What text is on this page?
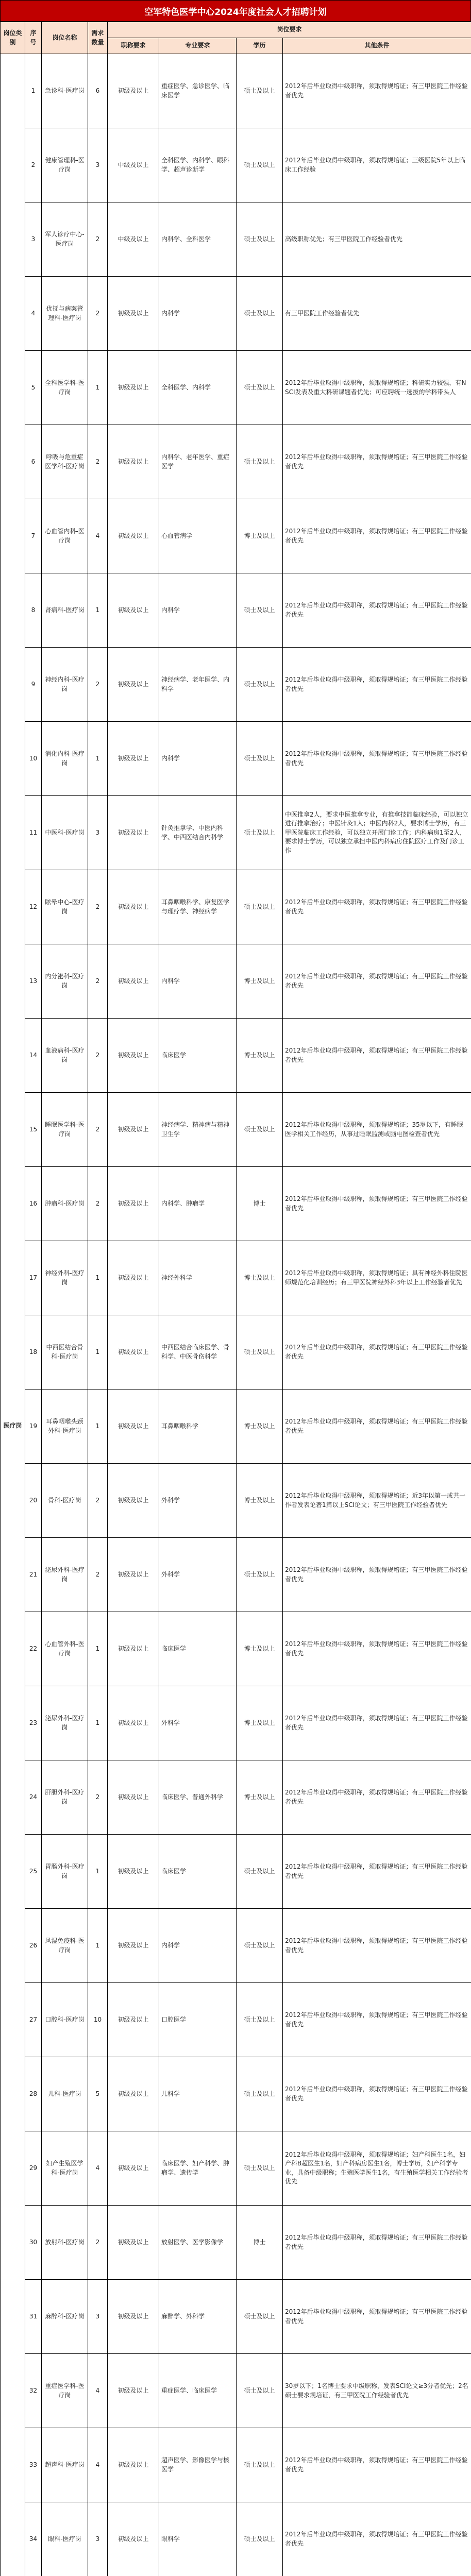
空军特色医学中心2024年度社会人才招聘计划
岗位类别	序号	岗位名称	需求数量	岗位要求			
				职称要求	专业要求	学历	其他条件
医疗岗	1	急诊科-医疗岗	6	初级及以上	重症医学、急诊医学、临床医学	硕士及以上	2012年后毕业取得中级职称，须取得规培证；有三甲医院工作经验者优先
	2	健康管理科-医疗岗	3	中级及以上	全科医学、内科学、眼科学、超声诊断学	硕士及以上	2012年后毕业取得中级职称，须取得规培证；三级医院5年以上临床工作经验
	3	军人诊疗中心-医疗岗	2	中级及以上	内科学、全科医学	硕士及以上	高级职称优先；有三甲医院工作经验者优先
	4	优抚与病案管理科-医疗岗	2	初级及以上	内科学	硕士及以上	有三甲医院工作经验者优先
	5	全科医学科-医疗岗	1	初级及以上	全科医学、内科学	硕士及以上	2012年后毕业取得中级职称，须取得规培证；科研实力较强，有NSCI发表及重大科研课题者优先；可应聘统一选拔的学科带头人
	6	呼吸与危重症医学科-医疗岗	2	初级及以上	内科学、老年医学、重症医学	硕士及以上	2012年后毕业取得中级职称，须取得规培证；有三甲医院工作经验者优先
	7	心血管内科-医疗岗	4	初级及以上	心血管病学	博士及以上	2012年后毕业取得中级职称，须取得规培证；有三甲医院工作经验者优先
	8	肾病科-医疗岗	1	初级及以上	内科学	硕士及以上	2012年后毕业取得中级职称，须取得规培证；有三甲医院工作经验者优先
	9	神经内科-医疗岗	2	初级及以上	神经病学、老年医学、内科学	硕士及以上	2012年后毕业取得中级职称，须取得规培证；有三甲医院工作经验者优先
	10	消化内科-医疗岗	1	初级及以上	内科学	硕士及以上	2012年后毕业取得中级职称，须取得规培证；有三甲医院工作经验者优先
	11	中医科-医疗岗	3	初级及以上	针灸推拿学、中医内科学、中西医结合内科学	硕士及以上	中医推拿2人，要求中医推拿专业，有推拿技能临床经验，可以独立进行推拿治疗；中医针灸1人；中医内科2人，要求博士学历，有三甲医院临床工作经验，可以独立开展门诊工作；内科病房1至2人，要求博士学历，可以独立承担中医内科病房住院医疗工作及门诊工作
	12	眩晕中心-医疗岗	2	初级及以上	耳鼻咽喉科学、康复医学与理疗学、神经病学	硕士及以上	2012年后毕业取得中级职称，须取得规培证；有三甲医院工作经验者优先
	13	内分泌科-医疗岗	2	初级及以上	内科学	博士及以上	2012年后毕业取得中级职称，须取得规培证；有三甲医院工作经验者优先
	14	血液病科-医疗岗	2	初级及以上	临床医学	博士及以上	2012年后毕业取得中级职称，须取得规培证；有三甲医院工作经验者优先
	15	睡眠医学科-医疗岗	2	初级及以上	神经病学、精神病与精神卫生学	硕士及以上	2012年后毕业取得中级职称，须取得规培证；35岁以下，有睡眠医学相关工作经历，从事过睡眠监测或脑电图检查者优先
	16	肿瘤科-医疗岗	2	初级及以上	内科学、肿瘤学	博士	2012年后毕业取得中级职称，须取得规培证；有三甲医院工作经验者优先
	17	神经外科-医疗岗	1	初级及以上	神经外科学	博士及以上	2012年后毕业取得中级职称，须取得规培证；具有神经外科住院医师规范化培训经历；有三甲医院神经外科3年以上工作经验者优先
	18	中西医结合骨科-医疗岗	1	初级及以上	中西医结合临床医学、骨科学、中医骨伤科学	硕士及以上	2012年后毕业取得中级职称，须取得规培证；有三甲医院工作经验者优先
	19	耳鼻咽喉头颈外科-医疗岗	1	初级及以上	耳鼻咽喉科学	博士及以上	2012年后毕业取得中级职称，须取得规培证；有三甲医院工作经验者优先
	20	骨科-医疗岗	2	初级及以上	外科学	博士及以上	2012年后毕业取得中级职称，须取得规培证；近3年以第一或共一作者发表论著1篇以上SCI论文；有三甲医院工作经验者优先
	21	泌尿外科-医疗岗	2	初级及以上	外科学	硕士及以上	2012年后毕业取得中级职称，须取得规培证；有三甲医院工作经验者优先
	22	心血管外科-医疗岗	1	初级及以上	临床医学	博士及以上	2012年后毕业取得中级职称，须取得规培证；有三甲医院工作经验者优先
	23	泌尿外科-医疗岗	1	初级及以上	外科学	博士及以上	2012年后毕业取得中级职称，须取得规培证；有三甲医院工作经验者优先
	24	肝胆外科-医疗岗	2	初级及以上	临床医学、普通外科学	博士及以上	2012年后毕业取得中级职称，须取得规培证；有三甲医院工作经验者优先
	25	胃肠外科-医疗岗	1	初级及以上	临床医学	硕士及以上	2012年后毕业取得中级职称，须取得规培证；有三甲医院工作经验者优先
	26	风湿免疫科-医疗岗	1	初级及以上	内科学	硕士及以上	2012年后毕业取得中级职称，须取得规培证；有三甲医院工作经验者优先
	27	口腔科-医疗岗	10	初级及以上	口腔医学	硕士及以上	2012年后毕业取得中级职称，须取得规培证；有三甲医院工作经验者优先
	28	儿科-医疗岗	5	初级及以上	儿科学	硕士及以上	2012年后毕业取得中级职称，须取得规培证；有三甲医院工作经验者优先
	29	妇产生殖医学科-医疗岗	4	初级及以上	临床医学、妇产科学、肿瘤学、遗传学	硕士及以上	2012年后毕业取得中级职称，须取得规培证；妇产科医生1名，妇产科B超医生1名，妇产科病房医生1名，博士学历，妇产科学专业，具备中级职称；生殖医学医生1名，有生殖医学相关工作经验者优先
	30	放射科-医疗岗	2	初级及以上	放射医学、医学影像学	博士	2012年后毕业取得中级职称，须取得规培证；有三甲医院工作经验者优先
	31	麻醉科-医疗岗	3	初级及以上	麻醉学、外科学	硕士及以上	2012年后毕业取得中级职称，须取得规培证；有三甲医院工作经验者优先
	32	重症医学科-医疗岗	4	初级及以上	重症医学、临床医学	硕士及以上	30岁以下；1名博士要求中级职称，发表SCI论文≥3分者优先；2名硕士要求规培证，有三甲医院工作经验者优先
	33	超声科-医疗岗	4	初级及以上	超声医学、影像医学与核医学	硕士及以上	2012年后毕业取得中级职称，须取得规培证；有三甲医院工作经验者优先
	34	眼科-医疗岗	3	初级及以上	眼科学	硕士及以上	2012年后毕业取得中级职称，须取得规培证；有三甲医院工作经验者优先
